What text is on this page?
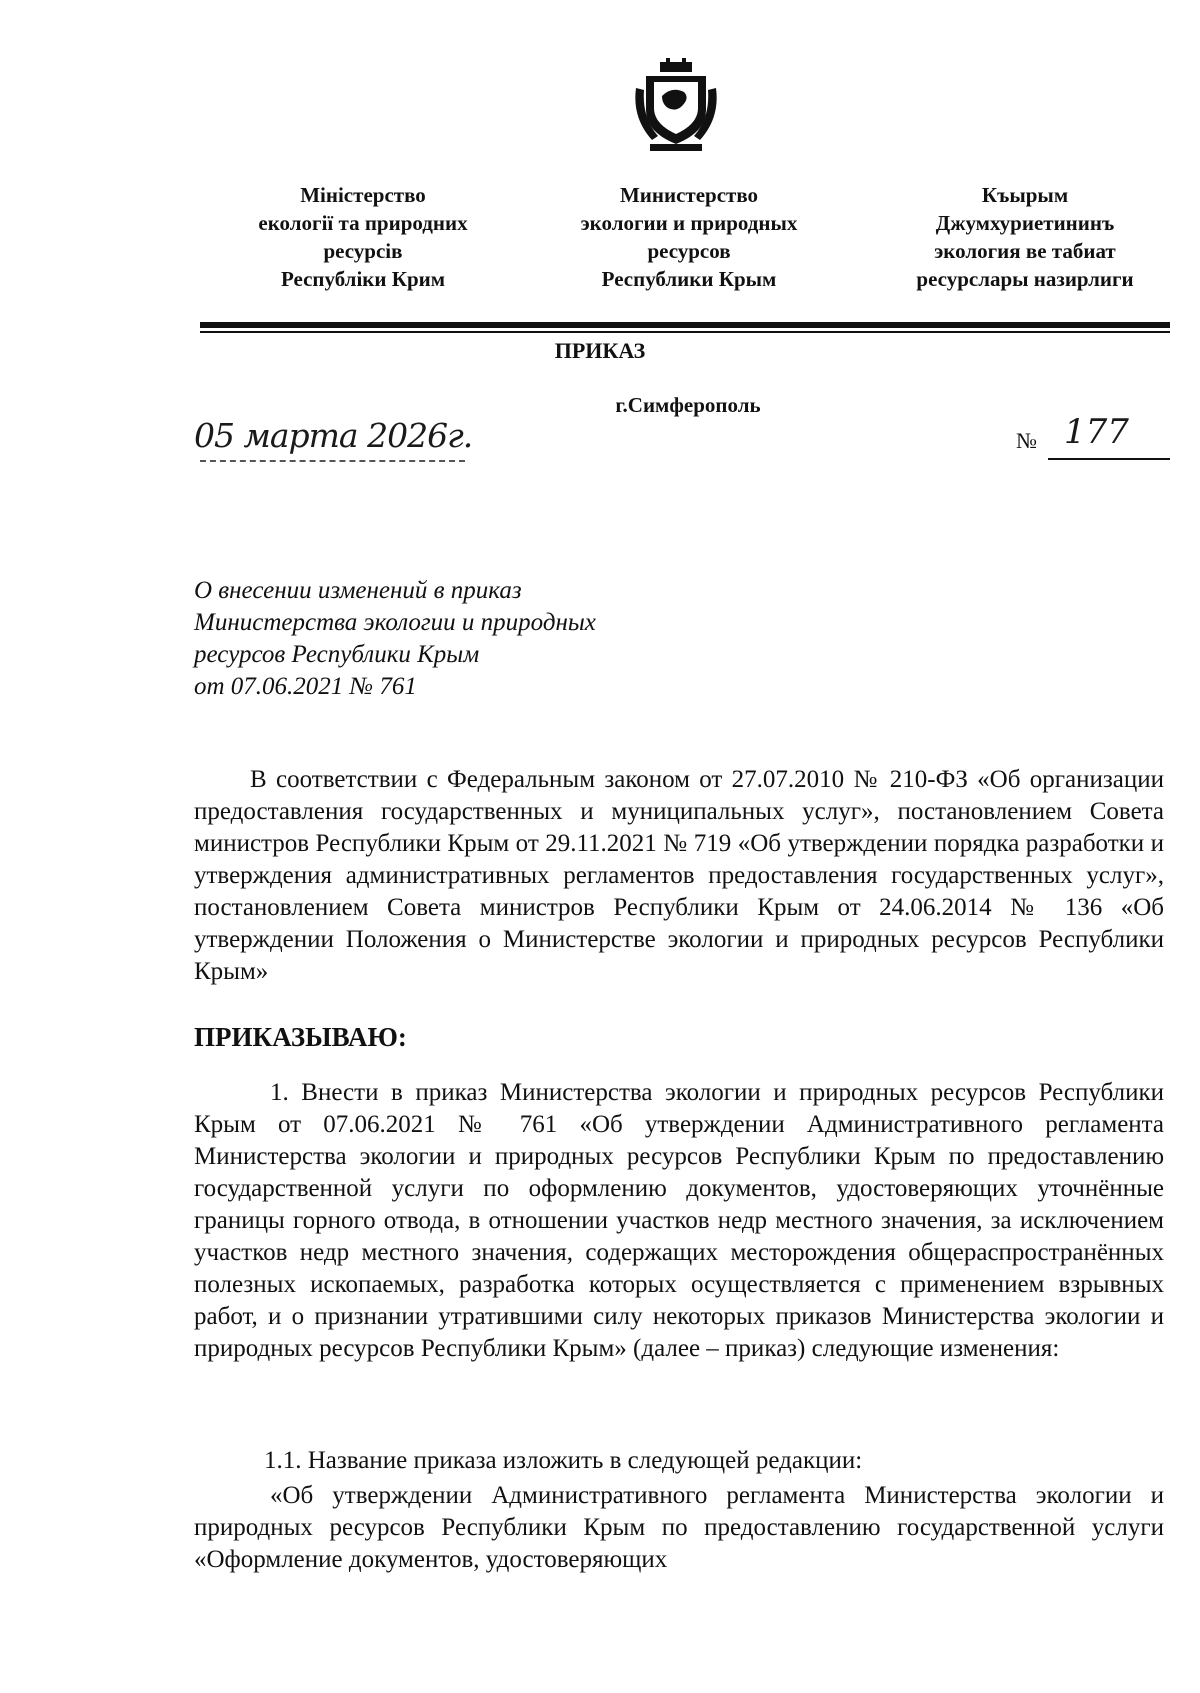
Міністерство
екології та природних
ресурсів
Республіки Крим
Министерство
экологии и природных
ресурсов
Республики Крым
Къырым
Джумхуриетининъ
экология ве табиат
ресурслары назирлиги
ПРИКАЗ
г.Симферополь
05 марта 2026г.	№ 177
О внесении изменений в приказ
Министерства экологии и природных
ресурсов Республики Крым
от 07.06.2021 № 761
В соответствии с Федеральным законом от 27.07.2010 № 210-ФЗ «Об организации предоставления государственных и муниципальных услуг», постановлением Совета министров Республики Крым от 29.11.2021 № 719 «Об утверждении порядка разработки и утверждения административных регламентов предоставления государственных услуг», постановлением Совета министров Республики Крым от 24.06.2014 № 136 «Об утверждении Положения о Министерстве экологии и природных ресурсов Республики Крым»
ПРИКАЗЫВАЮ:
1. Внести в приказ Министерства экологии и природных ресурсов Республики Крым от 07.06.2021 № 761 «Об утверждении Административного регламента Министерства экологии и природных ресурсов Республики Крым по предоставлению государственной услуги по оформлению документов, удостоверяющих уточнённые границы горного отвода, в отношении участков недр местного значения, за исключением участков недр местного значения, содержащих месторождения общераспространённых полезных ископаемых, разработка которых осуществляется с применением взрывных работ, и о признании утратившими силу некоторых приказов Министерства экологии и природных ресурсов Республики Крым» (далее – приказ) следующие изменения:
1.1. Название приказа изложить в следующей редакции:
«Об утверждении Административного регламента Министерства экологии и природных ресурсов Республики Крым по предоставлению государственной услуги «Оформление документов, удостоверяющих
